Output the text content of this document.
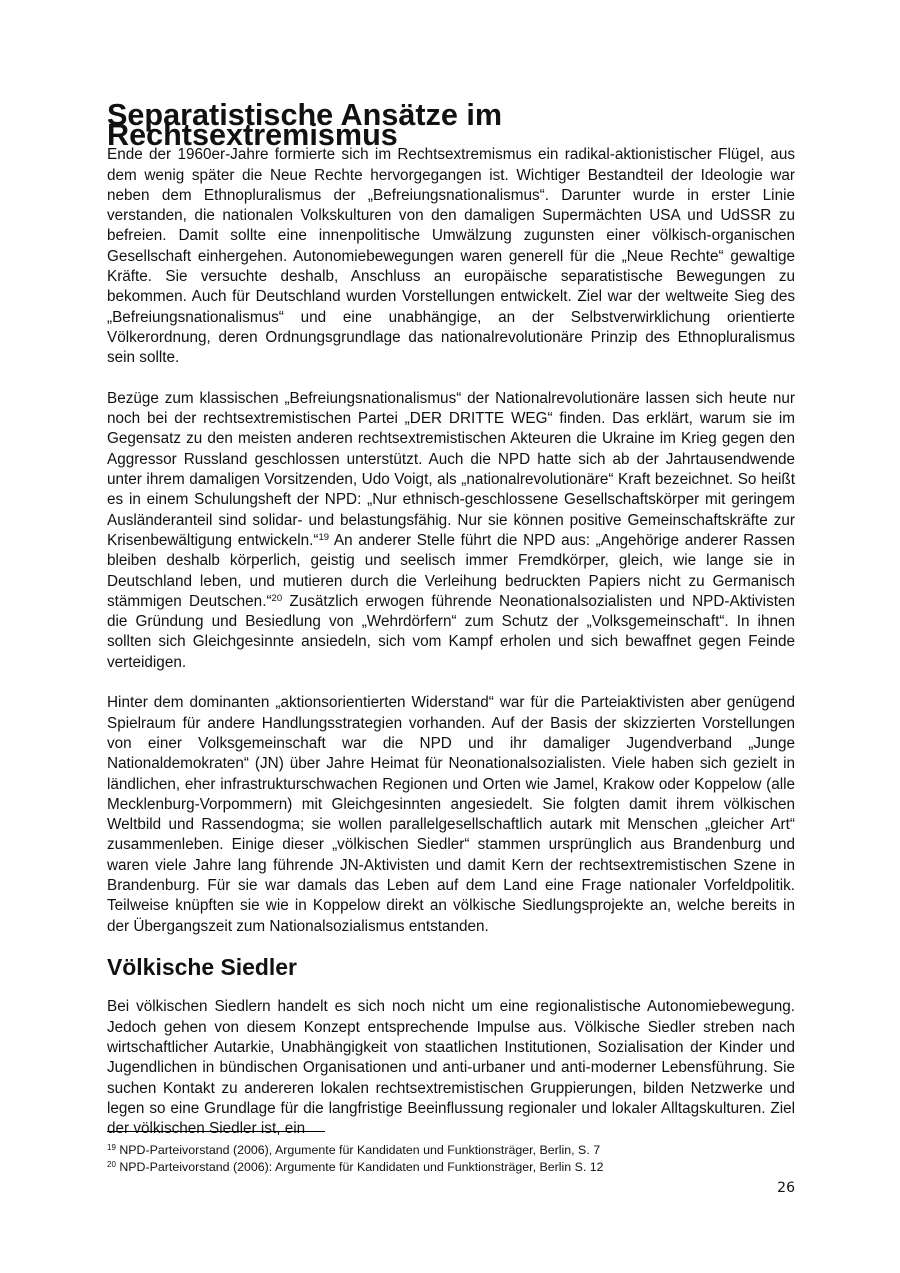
Separatistische Ansätze im Rechtsextremismus

Ende der 1960er-Jahre formierte sich im Rechtsextremismus ein radikal-aktionistischer Flügel, aus dem wenig später die Neue Rechte hervorgegangen ist. Wichtiger Bestandteil der Ideologie war neben dem Ethnopluralismus der „Befreiungsnationalismus“. Darunter wurde in erster Linie verstanden, die nationalen Volkskulturen von den damaligen Supermächten USA und UdSSR zu befreien. Damit sollte eine innenpolitische Umwälzung zugunsten einer völkisch-organischen Gesellschaft einhergehen. Autonomiebewegungen waren generell für die „Neue Rechte“ gewaltige Kräfte. Sie versuchte deshalb, Anschluss an europäische separatistische Bewegungen zu bekommen. Auch für Deutschland wurden Vorstellungen entwickelt. Ziel war der weltweite Sieg des „Befreiungsnationalismus“ und eine unabhängige, an der Selbstverwirklichung orientierte Völkerordnung, deren Ordnungsgrundlage das nationalrevolutionäre Prinzip des Ethnopluralismus sein sollte.

Bezüge zum klassischen „Befreiungsnationalismus“ der Nationalrevolutionäre lassen sich heute nur noch bei der rechtsextremistischen Partei „DER DRITTE WEG“ finden. Das erklärt, warum sie im Gegensatz zu den meisten anderen rechtsextremistischen Akteuren die Ukraine im Krieg gegen den Aggressor Russland geschlossen unterstützt. Auch die NPD hatte sich ab der Jahrtausendwende unter ihrem damaligen Vorsitzenden, Udo Voigt, als „nationalrevolutionäre“ Kraft bezeichnet. So heißt es in einem Schulungsheft der NPD: „Nur ethnisch-geschlossene Gesellschaftskörper mit geringem Ausländeranteil sind solidar- und belastungsfähig. Nur sie können positive Gemeinschaftskräfte zur Krisenbewältigung entwickeln.“$^{19}$ An anderer Stelle führt die NPD aus: „Angehörige anderer Rassen bleiben deshalb körperlich, geistig und seelisch immer Fremdkörper, gleich, wie lange sie in Deutschland leben, und mutieren durch die Verleihung bedruckten Papiers nicht zu Germanisch stämmigen Deutschen.“$^{20}$ Zusätzlich erwogen führende Neonationalsozialisten und NPD-Aktivisten die Gründung und Besiedlung von „Wehrdörfern“ zum Schutz der „Volksgemeinschaft“. In ihnen sollten sich Gleichgesinnte ansiedeln, sich vom Kampf erholen und sich bewaffnet gegen Feinde verteidigen.

Hinter dem dominanten „aktionsorientierten Widerstand“ war für die Parteiaktivisten aber genügend Spielraum für andere Handlungsstrategien vorhanden. Auf der Basis der skizzierten Vorstellungen von einer Volksgemeinschaft war die NPD und ihr damaliger Jugendverband „Junge Nationaldemokraten“ (JN) über Jahre Heimat für Neonationalsozialisten. Viele haben sich gezielt in ländlichen, eher infrastrukturschwachen Regionen und Orten wie Jamel, Krakow oder Koppelow (alle Mecklenburg-Vorpommern) mit Gleichgesinnten angesiedelt. Sie folgten damit ihrem völkischen Weltbild und Rassendogma; sie wollen parallelgesellschaftlich autark mit Menschen „gleicher Art“ zusammenleben. Einige dieser „völkischen Siedler“ stammen ursprünglich aus Brandenburg und waren viele Jahre lang führende JN-Aktivisten und damit Kern der rechtsextremistischen Szene in Brandenburg. Für sie war damals das Leben auf dem Land eine Frage nationaler Vorfeldpolitik. Teilweise knüpften sie wie in Koppelow direkt an völkische Siedlungsprojekte an, welche bereits in der Übergangszeit zum Nationalsozialismus entstanden.

Völkische Siedler

Bei völkischen Siedlern handelt es sich noch nicht um eine regionalistische Autonomiebewegung. Jedoch gehen von diesem Konzept entsprechende Impulse aus. Völkische Siedler streben nach wirtschaftlicher Autarkie, Unabhängigkeit von staatlichen Institutionen, Sozialisation der Kinder und Jugendlichen in bündischen Organisationen und anti-urbaner und anti-moderner Lebensführung. Sie suchen Kontakt zu andereren lokalen rechtsextremistischen Gruppierungen, bilden Netzwerke und legen so eine Grundlage für die langfristige Beeinflussung regionaler und lokaler Alltagskulturen. Ziel der völkischen Siedler ist, ein

$^{19}$ NPD-Parteivorstand (2006), Argumente für Kandidaten und Funktionsträger, Berlin, S. 7

$^{20}$ NPD-Parteivorstand (2006): Argumente für Kandidaten und Funktionsträger, Berlin S. 12

26
